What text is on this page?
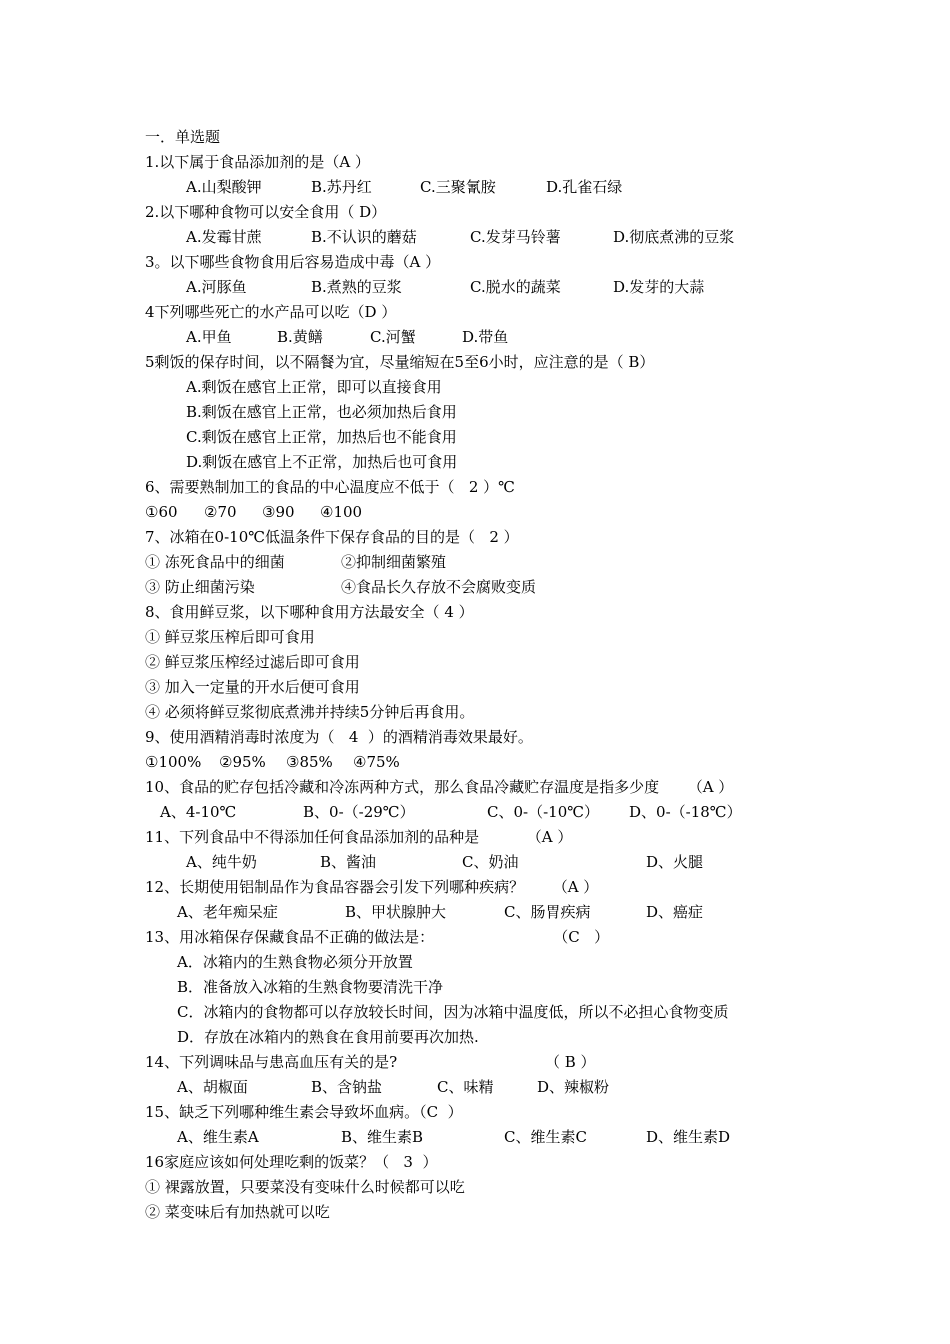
一．单选题
1.以下属于食品添加剂的是（A ）

A.山梨酸钾

	B.苏丹红

	C.三聚氰胺

	D.孔雀石绿

2.以下哪种食物可以安全食用（ D）

A.发霉甘蔗

	B.不认识的蘑菇

	C.发芽马铃薯

	D.彻底煮沸的豆浆

3。以下哪些食物食用后容易造成中毒（A ）

A.河豚鱼

	B.煮熟的豆浆

	C.脱水的蔬菜

	D.发芽的大蒜

4下列哪些死亡的水产品可以吃（D ）

A.甲鱼

	B.黄鳝

	C.河蟹

	D.带鱼

5剩饭的保存时间，以不隔餐为宜，尽量缩短在5至6小时，应注意的是（ B）
A.剩饭在感官上正常，即可以直接食用
B.剩饭在感官上正常，也必须加热后食用
C.剩饭在感官上正常，加热后也不能食用
D.剩饭在感官上不正常，加热后也可食用
6、需要熟制加工的食品的中心温度应不低于（   2 ）℃

①60

②70

③90

④100

7、冰箱在0-10℃低温条件下保存食品的目的是（   2 ）

① 冻死食品中的细菌

	②抑制细菌繁殖

③ 防止细菌污染

	④食品长久存放不会腐败变质

8、食用鲜豆浆，以下哪种食用方法最安全（ 4 ）
① 鲜豆浆压榨后即可食用
② 鲜豆浆压榨经过滤后即可食用
③ 加入一定量的开水后便可食用
④ 必须将鲜豆浆彻底煮沸并持续5分钟后再食用。
9、使用酒精消毒时浓度为（   4  ）的酒精消毒效果最好。

①100%

②95%

③85%

④75%

10、食品的贮存包括冷藏和冷冻两种方式，那么食品冷藏贮存温度是指多少度      （A ）

A、4-10℃

	B、0-（-29℃）

	C、0-（-10℃）

D、0-（-18℃）

11、下列食品中不得添加任何食品添加剂的品种是          （A ）

A、纯牛奶

	B、酱油

	C、奶油

	D、火腿

12、长期使用铝制品作为食品容器会引发下列哪种疾病？      （A ）

A、老年痴呆症

	B、甲状腺肿大

	C、肠胃疾病

	D、癌症

13、用冰箱保存保藏食品不正确的做法是：                         （C   ）
A．冰箱内的生熟食物必须分开放置
B．准备放入冰箱的生熟食物要清洗干净
C．冰箱内的食物都可以存放较长时间，因为冰箱中温度低，所以不必担心食物变质
D．存放在冰箱内的熟食在食用前要再次加热.
14、下列调味品与患高血压有关的是?                               （ B ）

A、胡椒面

	B、含钠盐

	C、味精

	D、辣椒粉

15、缺乏下列哪种维生素会导致坏血病。（C  ）

A、维生素A

	B、维生素B

	C、维生素C

	D、维生素D

16家庭应该如何处理吃剩的饭菜？（   3  ）
① 裸露放置，只要菜没有变味什么时候都可以吃
② 菜变味后有加热就可以吃
